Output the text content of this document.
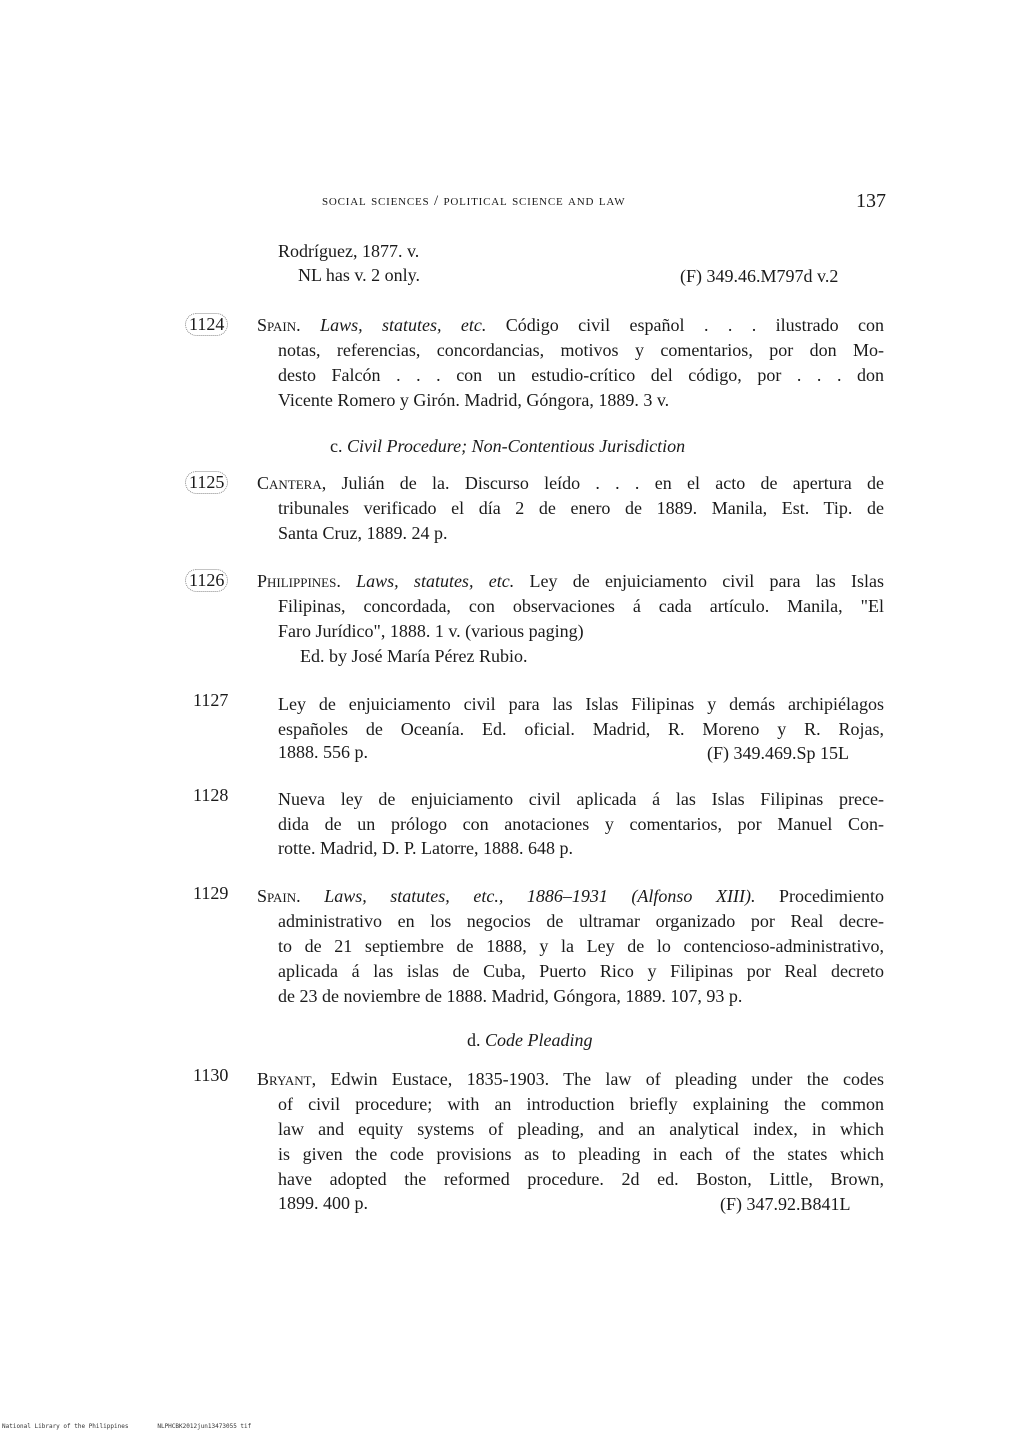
social sciences / political science and law	137
Rodríguez, 1877. v.
NL has v. 2 only.	(F) 349.46.M797d v.2
1124 Spain. Laws, statutes, etc. Código civil español . . . ilustrado con
notas, referencias, concordancias, motivos y comentarios, por don Mo-
desto Falcón . . . con un estudio-crítico del código, por . . . don
Vicente Romero y Girón. Madrid, Góngora, 1889. 3 v.
c. Civil Procedure; Non-Contentious Jurisdiction
1125 Cantera, Julián de la. Discurso leído . . . en el acto de apertura de
tribunales verificado el día 2 de enero de 1889. Manila, Est. Tip. de
Santa Cruz, 1889. 24 p.
1126 Philippines. Laws, statutes, etc. Ley de enjuiciamento civil para las Islas
Filipinas, concordada, con observaciones á cada artículo. Manila, "El
Faro Jurídico", 1888. 1 v. (various paging)
Ed. by José María Pérez Rubio.
1127	Ley de enjuiciamento civil para las Islas Filipinas y demás archipiélagos
españoles de Oceanía. Ed. oficial. Madrid, R. Moreno y R. Rojas,
1888. 556 p.	(F) 349.469.Sp 15L
1128	Nueva ley de enjuiciamento civil aplicada á las Islas Filipinas prece-
dida de un prólogo con anotaciones y comentarios, por Manuel Con-
rotte. Madrid, D. P. Latorre, 1888. 648 p.
1129 Spain. Laws, statutes, etc., 1886–1931 (Alfonso XIII). Procedimiento
administrativo en los negocios de ultramar organizado por Real decre-
to de 21 septiembre de 1888, y la Ley de lo contencioso-administrativo,
aplicada á las islas de Cuba, Puerto Rico y Filipinas por Real decreto
de 23 de noviembre de 1888. Madrid, Góngora, 1889. 107, 93 p.
d. Code Pleading
1130 Bryant, Edwin Eustace, 1835-1903. The law of pleading under the codes
of civil procedure; with an introduction briefly explaining the common
law and equity systems of pleading, and an analytical index, in which
is given the code provisions as to pleading in each of the states which
have adopted the reformed procedure. 2d ed. Boston, Little, Brown,
1899. 400 p.	(F) 347.92.B841L
National Library of the Philippines	NLPHCBK2012jun13473055 tif
